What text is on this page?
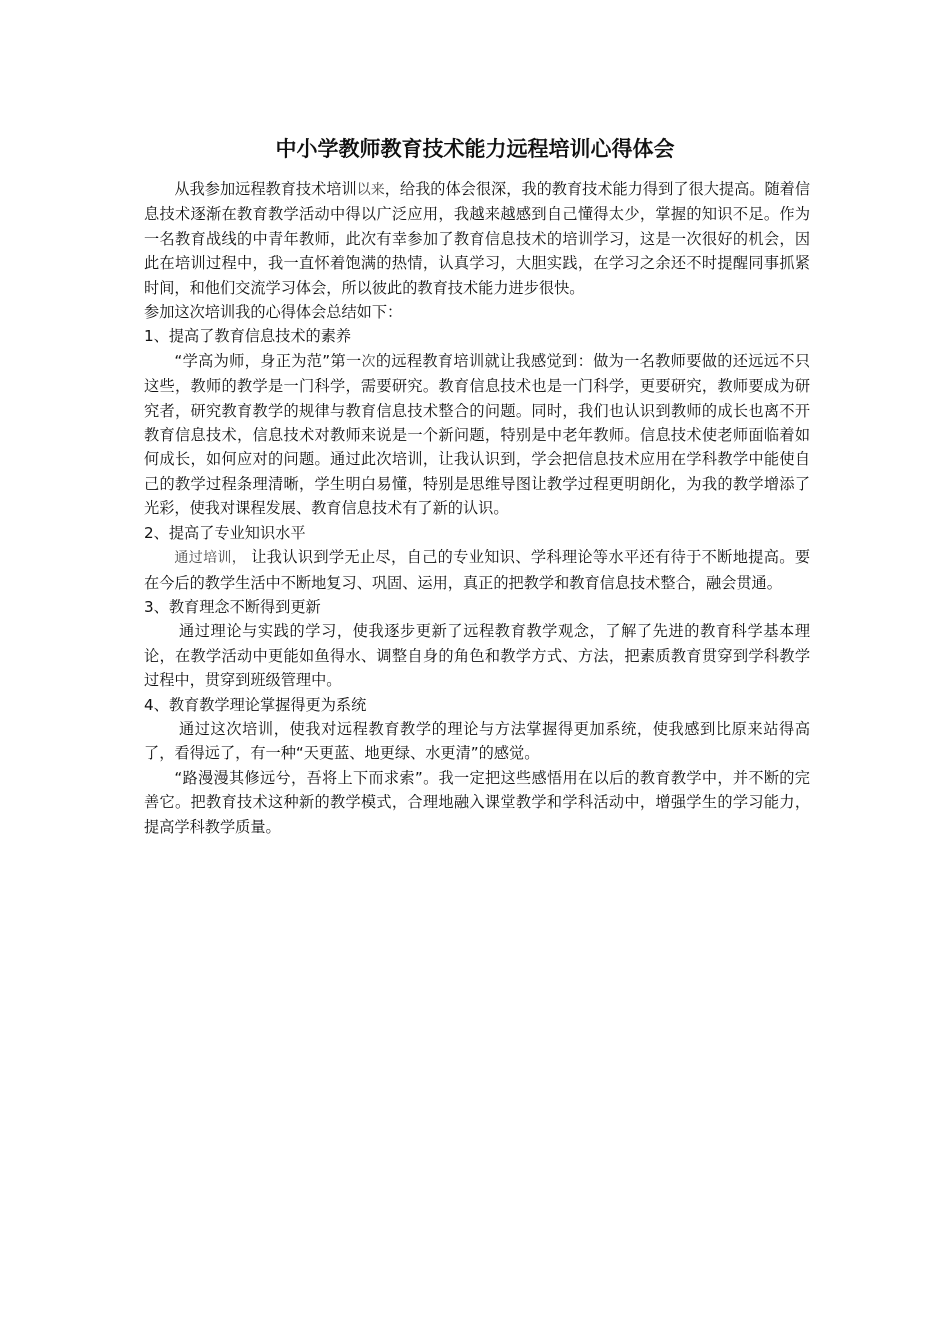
中小学教师教育技术能力远程培训心得体会

从我参加远程教育技术培训以来，给我的体会很深，我的教育技术能力得到了很大提高。随着信息技术逐渐在教育教学活动中得以广泛应用，我越来越感到自己懂得太少，掌握的知识不足。作为一名教育战线的中青年教师，此次有幸参加了教育信息技术的培训学习，这是一次很好的机会，因此在培训过程中，我一直怀着饱满的热情，认真学习，大胆实践，在学习之余还不时提醒同事抓紧时间，和他们交流学习体会，所以彼此的教育技术能力进步很快。

参加这次培训我的心得体会总结如下：

1、提高了教育信息技术的素养

“学高为师，身正为范”第一次的远程教育培训就让我感觉到：做为一名教师要做的还远远不只这些，教师的教学是一门科学，需要研究。教育信息技术也是一门科学，更要研究，教师要成为研究者，研究教育教学的规律与教育信息技术整合的问题。同时，我们也认识到教师的成长也离不开教育信息技术，信息技术对教师来说是一个新问题，特别是中老年教师。信息技术使老师面临着如何成长，如何应对的问题。通过此次培训，让我认识到，学会把信息技术应用在学科教学中能使自己的教学过程条理清晰，学生明白易懂，特别是思维导图让教学过程更明朗化，为我的教学增添了光彩，使我对课程发展、教育信息技术有了新的认识。

2、提高了专业知识水平

通过培训， 让我认识到学无止尽，自己的专业知识、学科理论等水平还有待于不断地提高。要在今后的教学生活中不断地复习、巩固、运用，真正的把教学和教育信息技术整合，融会贯通。

3、教育理念不断得到更新

通过理论与实践的学习，使我逐步更新了远程教育教学观念，了解了先进的教育科学基本理论，在教学活动中更能如鱼得水、调整自身的角色和教学方式、方法，把素质教育贯穿到学科教学过程中，贯穿到班级管理中。

4、教育教学理论掌握得更为系统

通过这次培训，使我对远程教育教学的理论与方法掌握得更加系统，使我感到比原来站得高了，看得远了，有一种“天更蓝、地更绿、水更清”的感觉。

“路漫漫其修远兮，吾将上下而求索”。我一定把这些感悟用在以后的教育教学中，并不断的完善它。把教育技术这种新的教学模式，合理地融入课堂教学和学科活动中，增强学生的学习能力，提高学科教学质量。
